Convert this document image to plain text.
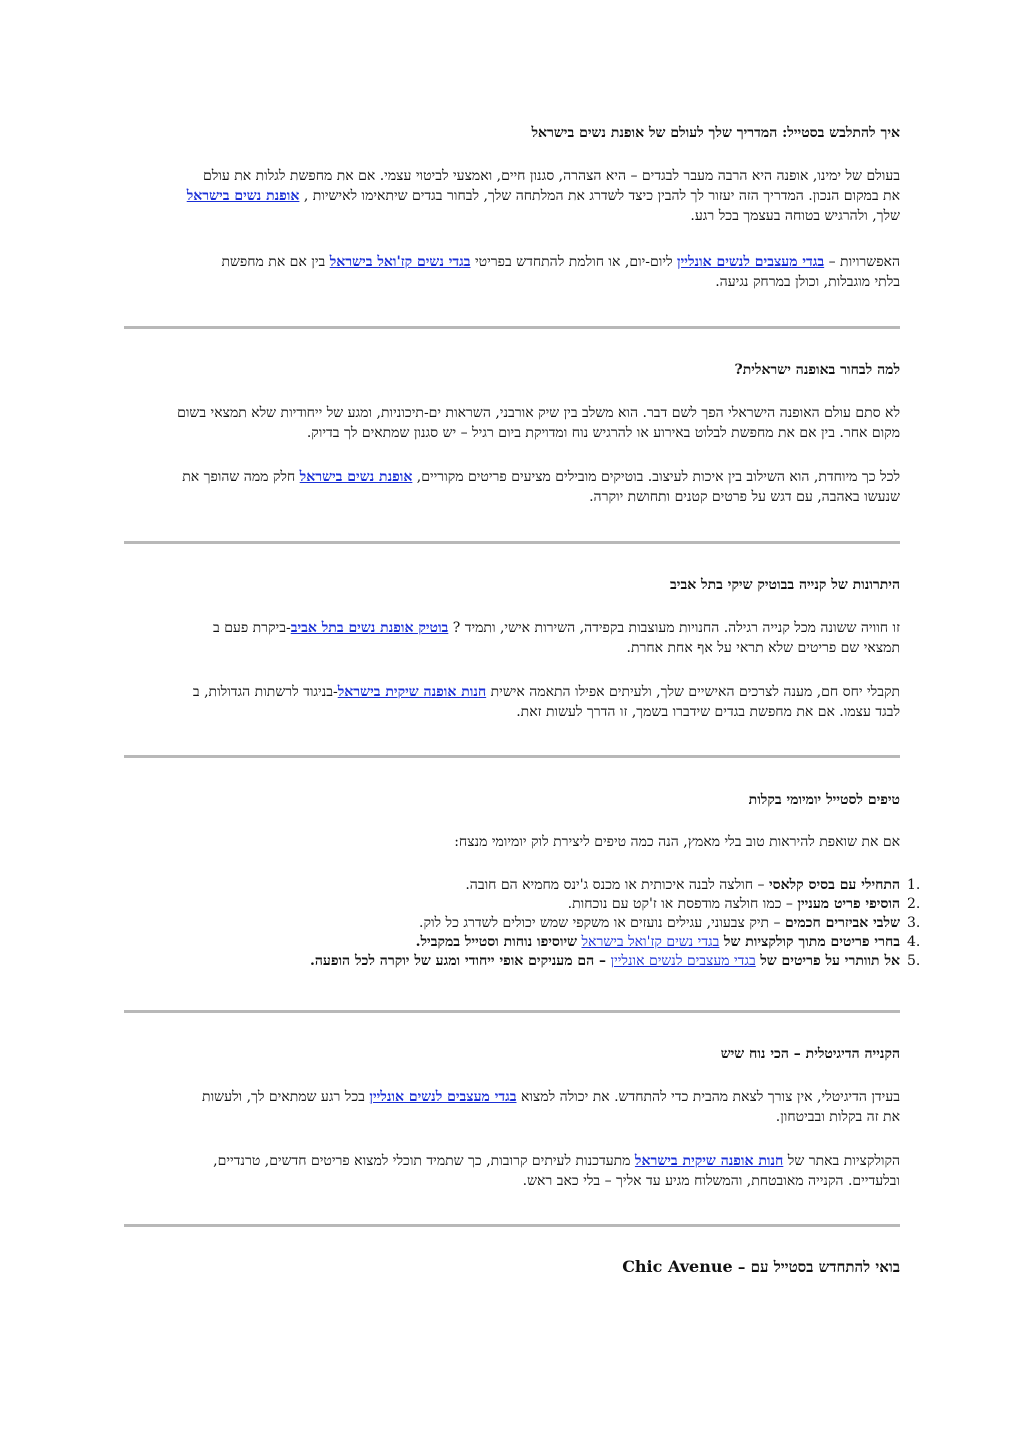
איך להתלבש בסטייל: המדריך שלך לעולם של אופנת נשים בישראל

בעולם של ימינו, אופנה היא הרבה מעבר לבגדים – היא הצהרה, סגנון חיים, ואמצעי לביטוי עצמי. אם את מחפשת לגלות את עולם
את במקום הנכון. המדריך הזה יעזור לך להבין כיצד לשדרג את המלתחה שלך, לבחור בגדים שיתאימו לאישיות , אופנת נשים בישראל
שלך, ולהרגיש בטוחה בעצמך בכל רגע.

האפשרויות – בגדי מעצבים לנשים אונליין ליום-יום, או חולמת להתחדש בפריטי בגדי נשים קז'ואל בישראל בין אם את מחפשת
בלתי מוגבלות, וכולן במרחק נגיעה.

למה לבחור באופנה ישראלית?

לא סתם עולם האופנה הישראלי הפך לשם דבר. הוא משלב בין שיק אורבני, השראות ים-תיכוניות, ומגע של ייחודיות שלא תמצאי בשום
מקום אחר. בין אם את מחפשת לבלוט באירוע או להרגיש נוח ומדויקת ביום רגיל – יש סגנון שמתאים לך בדיוק.

לכל כך מיוחדת, הוא השילוב בין איכות לעיצוב. בוטיקים מובילים מציעים פריטים מקוריים, אופנת נשים בישראל חלק ממה שהופך את
שנעשו באהבה, עם דגש על פרטים קטנים ותחושת יוקרה.

היתרונות של קנייה בבוטיק שיקי בתל אביב

זו חוויה ששונה מכל קנייה רגילה. החנויות מעוצבות בקפידה, השירות אישי, ותמיד ? בוטיק אופנת נשים בתל אביב-ביקרת פעם ב
תמצאי שם פריטים שלא תראי על אף אחת אחרת.

תקבלי יחס חם, מענה לצרכים האישיים שלך, ולעיתים אפילו התאמה אישית חנות אופנה שיקית בישראל-בניגוד לרשתות הגדולות, ב
לבגד עצמו. אם את מחפשת בגדים שידברו בשמך, זו הדרך לעשות זאת.

טיפים לסטייל יומיומי בקלות

אם את שואפת להיראות טוב בלי מאמץ, הנה כמה טיפים ליצירת לוק יומיומי מנצח:

1.
התחילי עם בסיס קלאסי – חולצה לבנה איכותית או מכנס ג'ינס מחמיא הם חובה.
2.
הוסיפי פריט מעניין – כמו חולצה מודפסת או ז'קט עם נוכחות.
3.
שלבי אביזרים חכמים – תיק צבעוני, עגילים נועזים או משקפי שמש יכולים לשדרג כל לוק.
4.
בחרי פריטים מתוך קולקציות של בגדי נשים קז'ואל בישראל שיוסיפו נוחות וסטייל במקביל.
5.
אל תוותרי על פריטים של בגדי מעצבים לנשים אונליין – הם מעניקים אופי ייחודי ומגע של יוקרה לכל הופעה.
הקנייה הדיגיטלית – הכי נוח שיש

בעידן הדיגיטלי, אין צורך לצאת מהבית כדי להתחדש. את יכולה למצוא בגדי מעצבים לנשים אונליין בכל רגע שמתאים לך, ולעשות
את זה בקלות ובביטחון.

הקולקציות באתר של חנות אופנה שיקית בישראל מתעדכנות לעיתים קרובות, כך שתמיד תוכלי למצוא פריטים חדשים, טרנדיים,
ובלעדיים. הקנייה מאובטחת, והמשלוח מגיע עד אליך – בלי כאב ראש.

בואי להתחדש בסטייל עם – Chic Avenue
